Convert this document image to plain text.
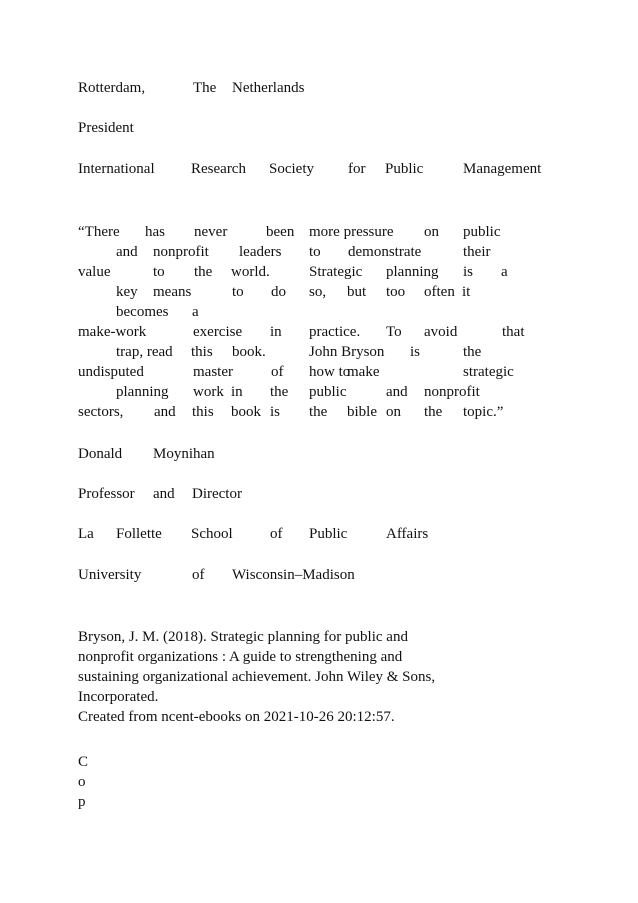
Rotterdam,	The Netherlands
President
International Research Society for Public	Management
“There has never	been more pressure on public
and nonprofit leaders to demonstrate	their
value	to the world.	Strategic planning is a
key means	to do so, but too often it
becomes a
make-work	exercise in practice. To avoid	that
trap, read this book.	John Bryson is	the
undisputed	master	of how to
make	strategic
planning work in the public	and nonprofit
sectors, and this book is the bible on the topic.”
Donald Moynihan
Professor and Director
La Follette School of Public	Affairs
University	of Wisconsin–Madison
Bryson, J. M. (2018). Strategic planning for public and
nonprofit organizations : A guide to strengthening and
sustaining organizational achievement. John Wiley & Sons,
Incorporated.
Created from ncent-ebooks on 2021-10-26 20:12:57.
C
o
p
